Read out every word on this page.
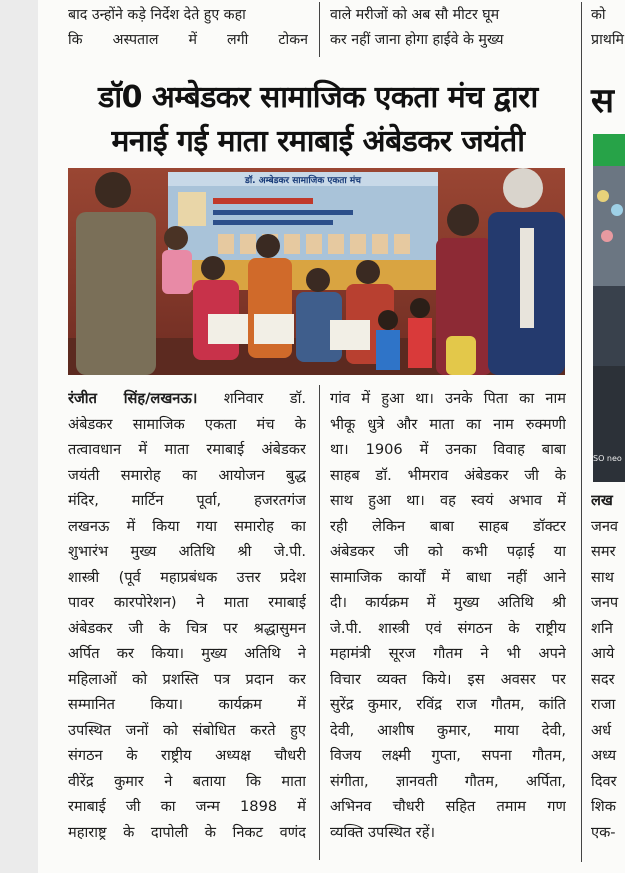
बाद उन्होंने कड़े निर्देश देते हुए कहा
कि अस्पताल में लगी टोकन
वाले मरीजों को अब सौ मीटर घूम
कर नहीं जाना होगा हाईवे के मुख्य
को
प्राथमि
डॉ0 अम्बेडकर सामाजिक एकता मंच द्वारा
मनाई गई माता रमाबाई अंबेडकर जयंती
डॉ. अम्बेडकर सामाजिक एकता मंच
रंजीत सिंह/लखनऊ। शनिवार डॉ.
अंबेडकर सामाजिक एकता मंच के
तत्वावधान में माता रमाबाई अंबेडकर
जयंती समारोह का आयोजन बुद्ध
मंदिर, मार्टिन पूर्वा, हजरतगंज
लखनऊ में किया गया समारोह का
शुभारंभ मुख्य अतिथि श्री जे.पी.
शास्त्री (पूर्व महाप्रबंधक उत्तर प्रदेश
पावर कारपोरेशन) ने माता रमाबाई
अंबेडकर जी के चित्र पर श्रद्धासुमन
अर्पित कर किया। मुख्य अतिथि ने
महिलाओं को प्रशस्ति पत्र प्रदान कर
सम्मानित किया। कार्यक्रम में
उपस्थित जनों को संबोधित करते हुए
संगठन के राष्ट्रीय अध्यक्ष चौधरी
वीरेंद्र कुमार ने बताया कि माता
रमाबाई जी का जन्म 1898 में
महाराष्ट्र के दापोली के निकट वणंद
गांव में हुआ था। उनके पिता का नाम
भीकू धुत्रे और माता का नाम रुक्मणी
था। 1906 में उनका विवाह बाबा
साहब डॉ. भीमराव अंबेडकर जी के
साथ हुआ था। वह स्वयं अभाव में
रही लेकिन बाबा साहब डॉक्टर
अंबेडकर जी को कभी पढ़ाई या
सामाजिक कार्यों में बाधा नहीं आने
दी। कार्यक्रम में मुख्य अतिथि श्री
जे.पी. शास्त्री एवं संगठन के राष्ट्रीय
महामंत्री सूरज गौतम ने भी अपने
विचार व्यक्त किये। इस अवसर पर
सुरेंद्र कुमार, रविंद्र राज गौतम, कांति
देवी, आशीष कुमार, माया देवी,
विजय लक्ष्मी गुप्ता, सपना गौतम,
संगीता, ज्ञानवती गौतम, अर्पिता,
अभिनव चौधरी सहित तमाम गण
व्यक्ति उपस्थित रहें।
स
SO neo
लख
जनव
समर
साथ
जनप
शनि
आये
सदर
राजा
अर्ध
अध्य
दिवर
शिक
एक-
